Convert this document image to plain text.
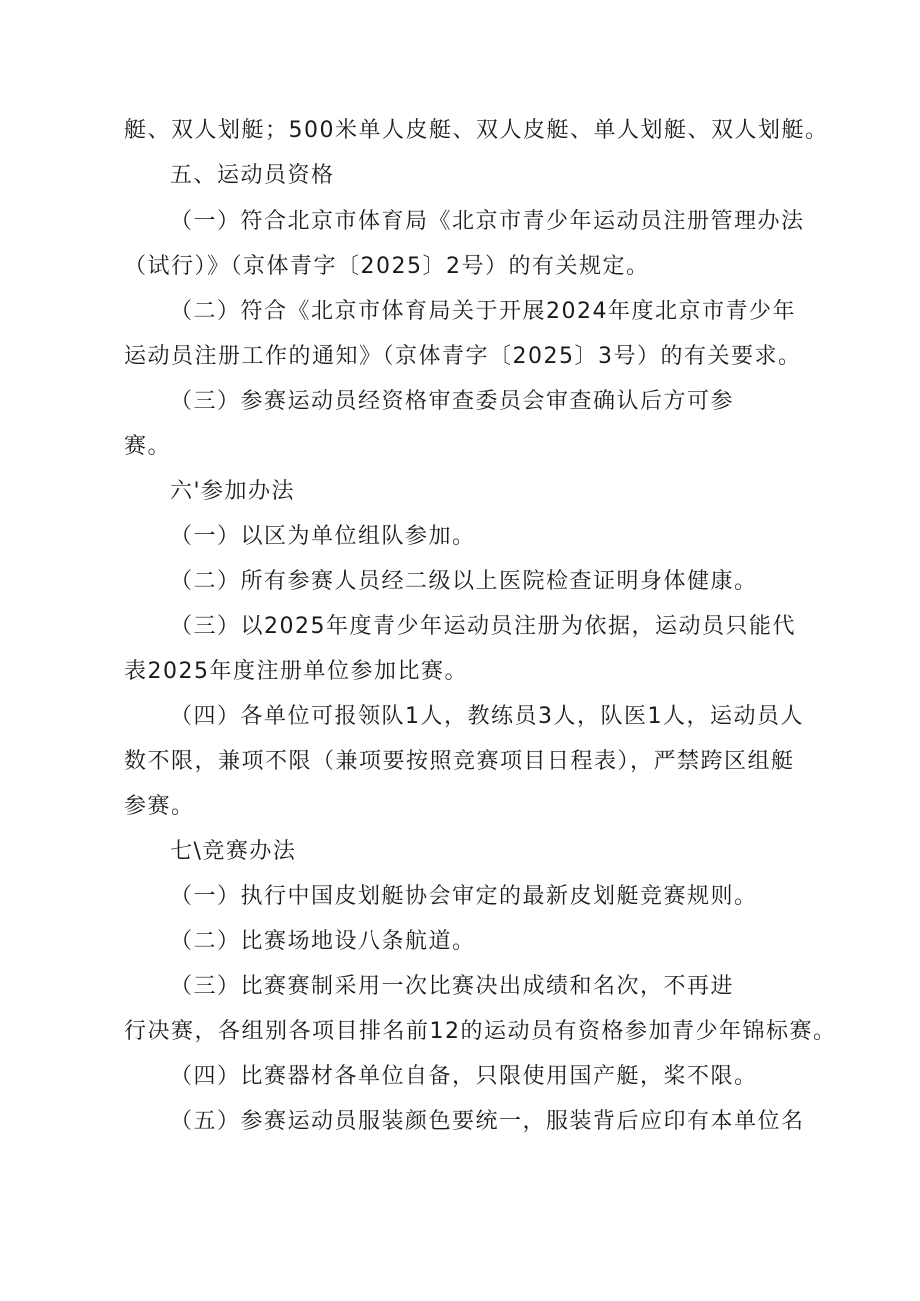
艇、双人划艇；500米单人皮艇、双人皮艇、单人划艇、双人划艇。
五、运动员资格
（一）符合北京市体育局《北京市青少年运动员注册管理办法
（试行）》（京体青字〔2025〕2号）的有关规定。
（二）符合《北京市体育局关于开展2024年度北京市青少年
运动员注册工作的通知》（京体青字〔2025〕3号）的有关要求。
（三）参赛运动员经资格审查委员会审查确认后方可参
赛。
六'参加办法
（一）以区为单位组队参加。
（二）所有参赛人员经二级以上医院检查证明身体健康。
（三）以2025年度青少年运动员注册为依据，运动员只能代
表2025年度注册单位参加比赛。
（四）各单位可报领队1人，教练员3人，队医1人，运动员人
数不限，兼项不限（兼项要按照竞赛项目日程表），严禁跨区组艇
参赛。
七\竞赛办法
（一）执行中国皮划艇协会审定的最新皮划艇竞赛规则。
（二）比赛场地设八条航道。
（三）比赛赛制采用一次比赛决出成绩和名次，不再进
行决赛，各组别各项目排名前12的运动员有资格参加青少年锦标赛。
（四）比赛器材各单位自备，只限使用国产艇，桨不限。
（五）参赛运动员服装颜色要统一，服装背后应印有本单位名
